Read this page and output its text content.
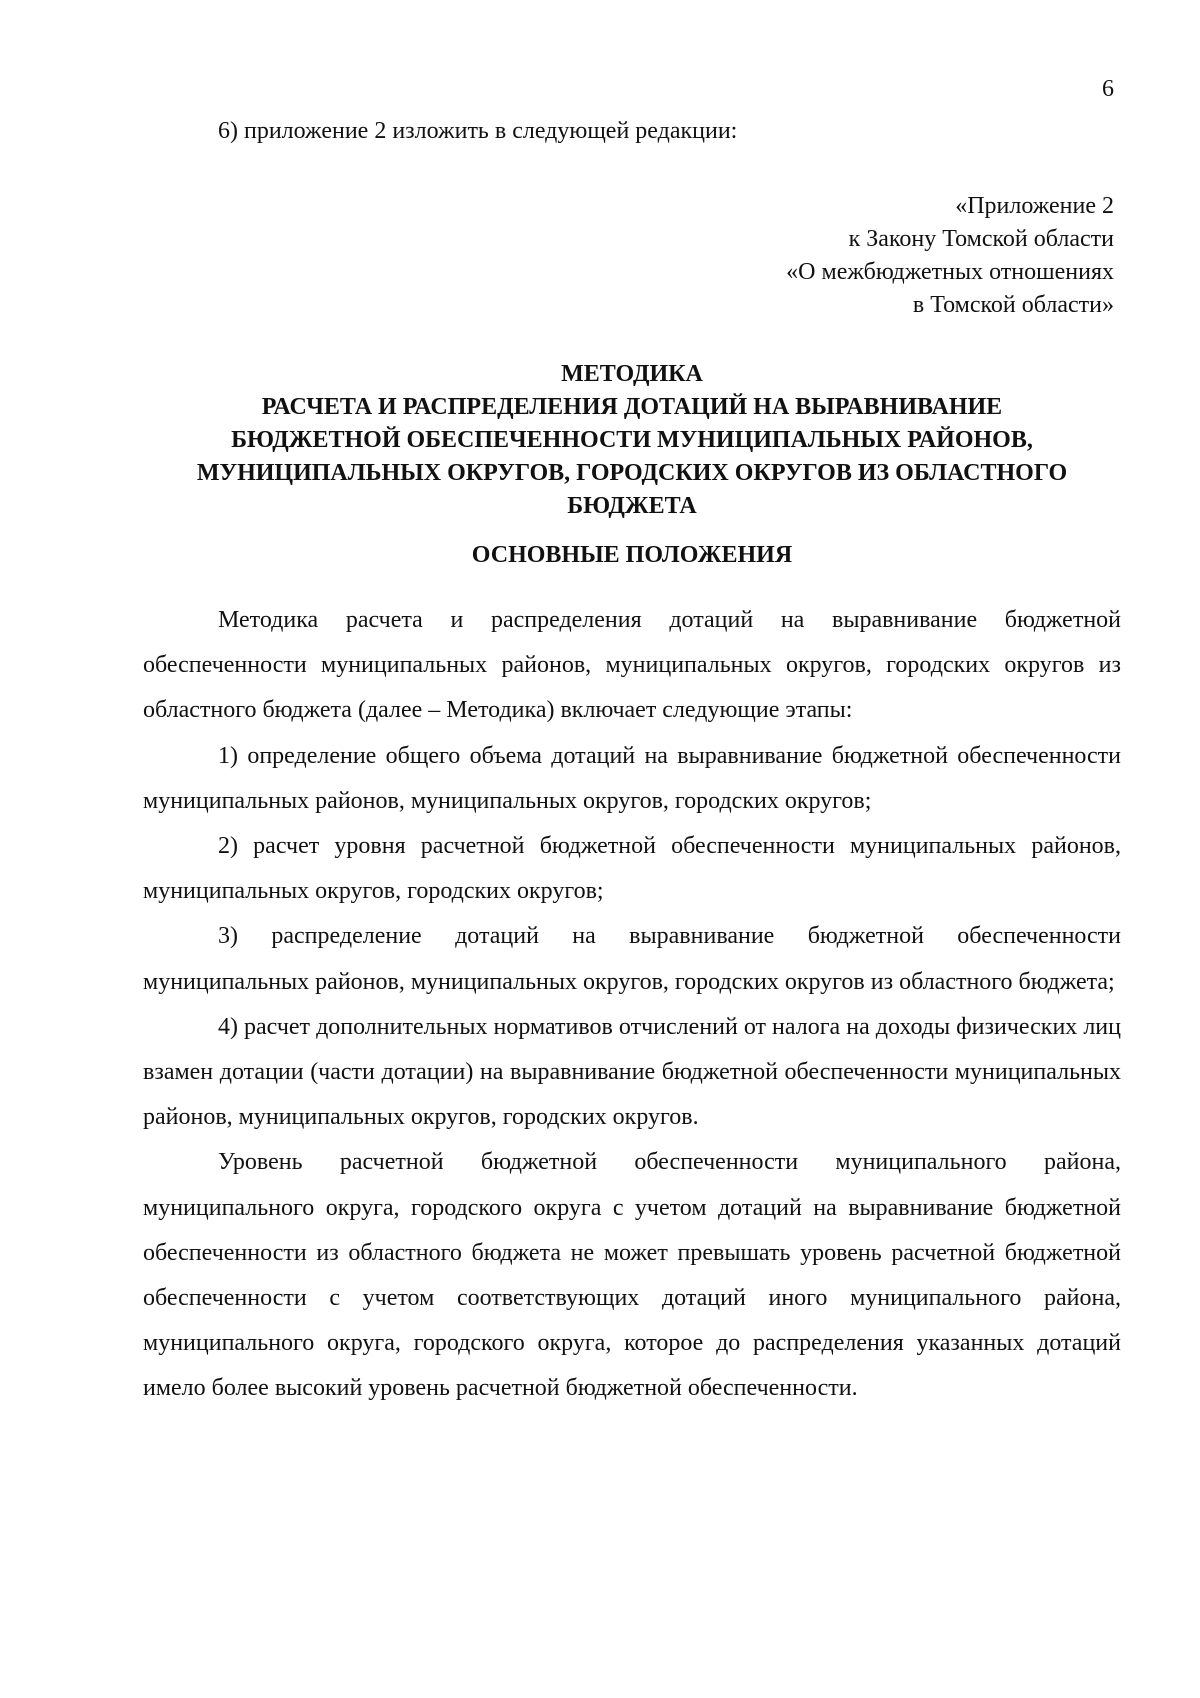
6
6) приложение 2 изложить в следующей редакции:
«Приложение 2
к Закону Томской области
«О межбюджетных отношениях
в Томской области»
МЕТОДИКА
РАСЧЕТА И РАСПРЕДЕЛЕНИЯ ДОТАЦИЙ НА ВЫРАВНИВАНИЕ
БЮДЖЕТНОЙ ОБЕСПЕЧЕННОСТИ МУНИЦИПАЛЬНЫХ РАЙОНОВ,
МУНИЦИПАЛЬНЫХ ОКРУГОВ, ГОРОДСКИХ ОКРУГОВ ИЗ ОБЛАСТНОГО
БЮДЖЕТА
ОСНОВНЫЕ ПОЛОЖЕНИЯ

Методика расчета и распределения дотаций на выравнивание бюджетной обеспеченности муниципальных районов, муниципальных округов, городских округов из областного бюджета (далее – Методика) включает следующие этапы:

1) определение общего объема дотаций на выравнивание бюджетной обеспеченности муниципальных районов, муниципальных округов, городских округов;

2) расчет уровня расчетной бюджетной обеспеченности муниципальных районов, муниципальных округов, городских округов;

3) распределение дотаций на выравнивание бюджетной обеспеченности муниципальных районов, муниципальных округов, городских округов из областного бюджета;

4) расчет дополнительных нормативов отчислений от налога на доходы физических лиц взамен дотации (части дотации) на выравнивание бюджетной обеспеченности муниципальных районов, муниципальных округов, городских округов.

Уровень расчетной бюджетной обеспеченности муниципального района, муниципального округа, городского округа с учетом дотаций на выравнивание бюджетной обеспеченности из областного бюджета не может превышать уровень расчетной бюджетной обеспеченности с учетом соответствующих дотаций иного муниципального района, муниципального округа, городского округа, которое до распределения указанных дотаций имело более высокий уровень расчетной бюджетной обеспеченности.
